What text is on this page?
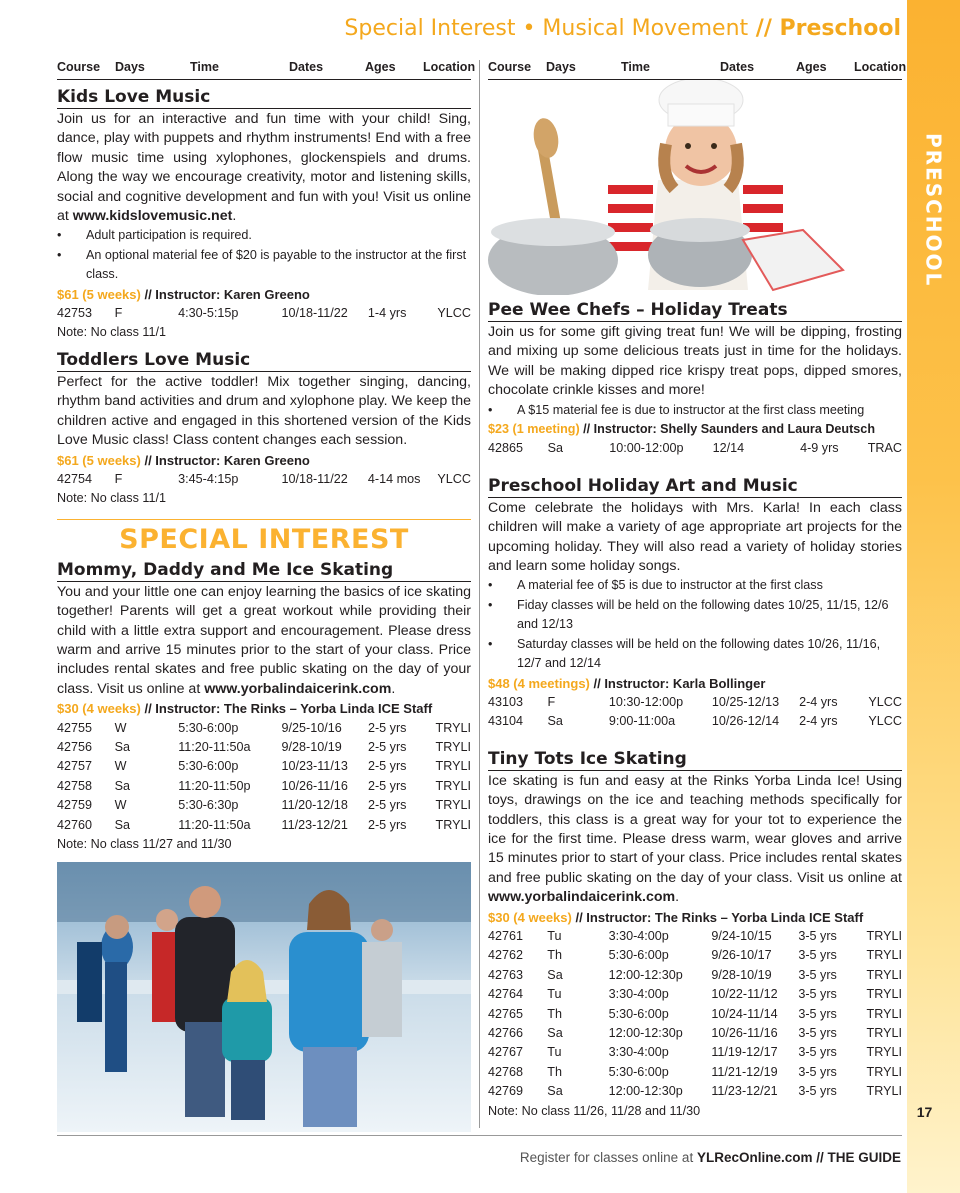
PRESCHOOL
17
Special Interest • Musical Movement // Preschool
Course	Days	Time	Dates	Ages	Location
Kids Love Music
Join us for an interactive and fun time with your child! Sing, dance, play with puppets and rhythm instruments! End with a free flow music time using xylophones, glockenspiels and drums. Along the way we encourage creativity, motor and listening skills, social and cognitive development and fun with you! Visit us online at www.kidslovemusic.net.
• Adult participation is required.
• An optional material fee of $20 is payable to the instructor at the first class.
$61 (5 weeks) // Instructor: Karen Greeno
42753	F	4:30-5:15p	10/18-11/22	1-4 yrs	YLCC
Note: No class 11/1
Toddlers Love Music
Perfect for the active toddler! Mix together singing, dancing, rhythm band activities and drum and xylophone play. We keep the children active and engaged in this shortened version of the Kids Love Music class! Class content changes each session.
$61 (5 weeks) // Instructor: Karen Greeno
42754	F	3:45-4:15p	10/18-11/22	4-14 mos	YLCC
Note: No class 11/1
SPECIAL INTEREST
Mommy, Daddy and Me Ice Skating
You and your little one can enjoy learning the basics of ice skating together! Parents will get a great workout while providing their child with a little extra support and encouragement. Please dress warm and arrive 15 minutes prior to the start of your class. Price includes rental skates and free public skating on the day of your class. Visit us online at www.yorbalindaicerink.com.
$30 (4 weeks) // Instructor: The Rinks – Yorba Linda ICE Staff
42755	W	5:30-6:00p	9/25-10/16	2-5 yrs	TRYLI
42756	Sa	11:20-11:50a	9/28-10/19	2-5 yrs	TRYLI
42757	W	5:30-6:00p	10/23-11/13	2-5 yrs	TRYLI
42758	Sa	11:20-11:50p	10/26-11/16	2-5 yrs	TRYLI
42759	W	5:30-6:30p	11/20-12/18	2-5 yrs	TRYLI
42760	Sa	11:20-11:50a	11/23-12/21	2-5 yrs	TRYLI
Note: No class 11/27 and 11/30
Course	Days	Time	Dates	Ages	Location
Pee Wee Chefs – Holiday Treats
Join us for some gift giving treat fun! We will be dipping, frosting and mixing up some delicious treats just in time for the holidays. We will be making dipped rice krispy treat pops, dipped smores, chocolate crinkle kisses and more!
• A $15 material fee is due to instructor at the first class meeting
$23 (1 meeting) // Instructor: Shelly Saunders and Laura Deutsch
42865	Sa	10:00-12:00p	12/14	4-9 yrs	TRAC
Preschool Holiday Art and Music
Come celebrate the holidays with Mrs. Karla! In each class children will make a variety of age appropriate art projects for the upcoming holiday. They will also read a variety of holiday stories and learn some holiday songs.
• A material fee of $5 is due to instructor at the first class
• Fiday classes will be held on the following dates 10/25, 11/15, 12/6 and 12/13
• Saturday classes will be held on the following dates 10/26, 11/16, 12/7 and 12/14
$48 (4 meetings) // Instructor: Karla Bollinger
43103	F	10:30-12:00p	10/25-12/13	2-4 yrs	YLCC
43104	Sa	9:00-11:00a	10/26-12/14	2-4 yrs	YLCC
Tiny Tots Ice Skating
Ice skating is fun and easy at the Rinks Yorba Linda Ice! Using toys, drawings on the ice and teaching methods specifically for toddlers, this class is a great way for your tot to experience the ice for the first time. Please dress warm, wear gloves and arrive 15 minutes prior to start of your class. Price includes rental skates and free public skating on the day of your class. Visit us online at www.yorbalindaicerink.com.
$30 (4 weeks) // Instructor: The Rinks – Yorba Linda ICE Staff
42761	Tu	3:30-4:00p	9/24-10/15	3-5 yrs	TRYLI
42762	Th	5:30-6:00p	9/26-10/17	3-5 yrs	TRYLI
42763	Sa	12:00-12:30p	9/28-10/19	3-5 yrs	TRYLI
42764	Tu	3:30-4:00p	10/22-11/12	3-5 yrs	TRYLI
42765	Th	5:30-6:00p	10/24-11/14	3-5 yrs	TRYLI
42766	Sa	12:00-12:30p	10/26-11/16	3-5 yrs	TRYLI
42767	Tu	3:30-4:00p	11/19-12/17	3-5 yrs	TRYLI
42768	Th	5:30-6:00p	11/21-12/19	3-5 yrs	TRYLI
42769	Sa	12:00-12:30p	11/23-12/21	3-5 yrs	TRYLI
Note: No class 11/26, 11/28 and 11/30
Register for classes online at YLRecOnline.com // THE GUIDE
